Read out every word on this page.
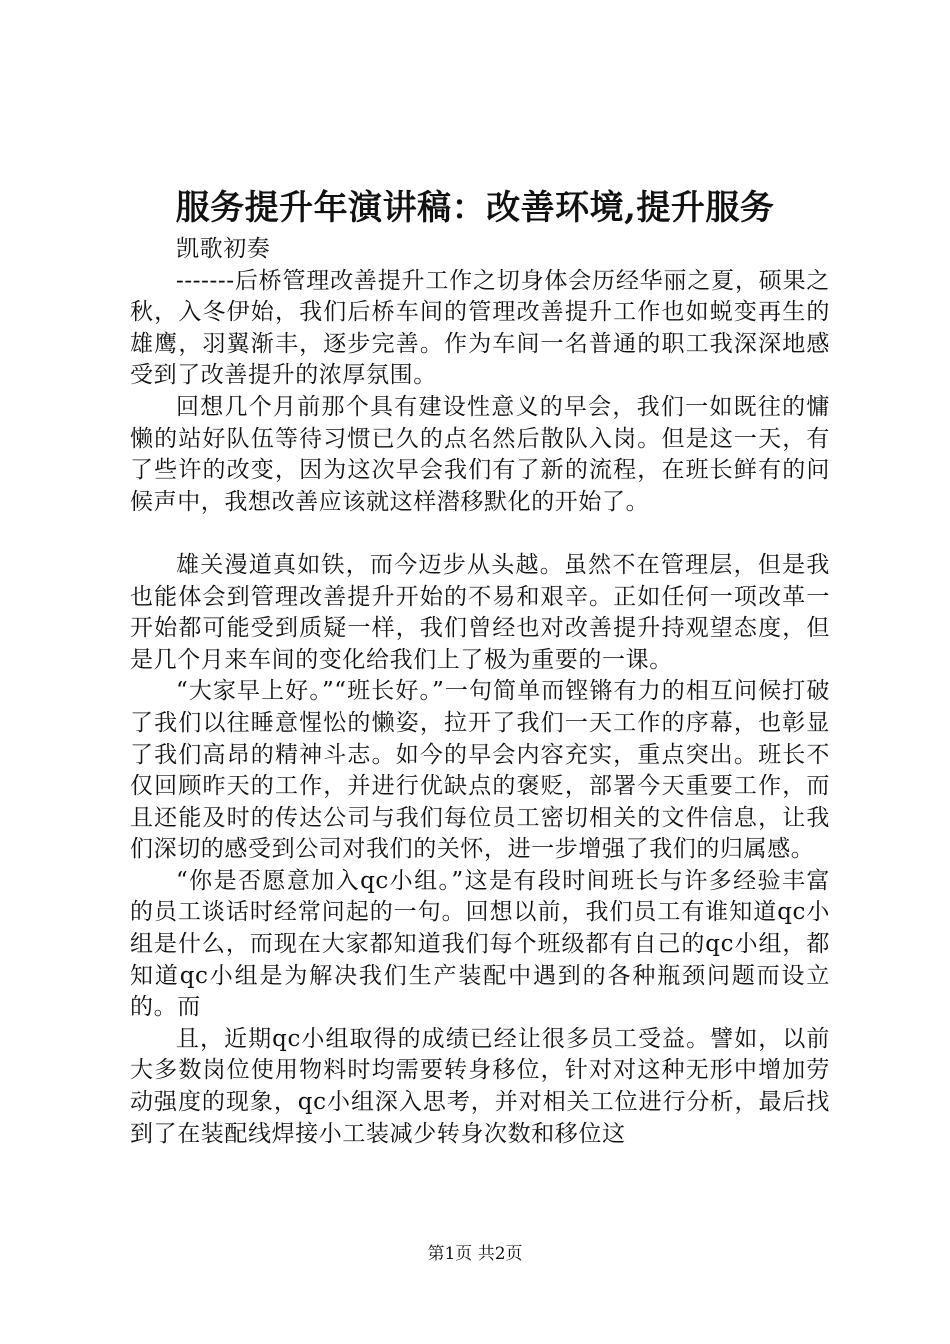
服务提升年演讲稿：改善环境,提升服务

凯歌初奏

-------后桥管理改善提升工作之切身体会历经华丽之夏，硕果之秋，入冬伊始，我们后桥车间的管理改善提升工作也如蜕变再生的雄鹰，羽翼渐丰，逐步完善。作为车间一名普通的职工我深深地感受到了改善提升的浓厚氛围。

回想几个月前那个具有建设性意义的早会，我们一如既往的慵懒的站好队伍等待习惯已久的点名然后散队入岗。但是这一天，有了些许的改变，因为这次早会我们有了新的流程，在班长鲜有的问候声中，我想改善应该就这样潜移默化的开始了。

雄关漫道真如铁，而今迈步从头越。虽然不在管理层，但是我也能体会到管理改善提升开始的不易和艰辛。正如任何一项改革一开始都可能受到质疑一样，我们曾经也对改善提升持观望态度，但是几个月来车间的变化给我们上了极为重要的一课。

“大家早上好。”“班长好。”一句简单而铿锵有力的相互问候打破了我们以往睡意惺忪的懒姿，拉开了我们一天工作的序幕，也彰显了我们高昂的精神斗志。如今的早会内容充实，重点突出。班长不仅回顾昨天的工作，并进行优缺点的褒贬，部署今天重要工作，而且还能及时的传达公司与我们每位员工密切相关的文件信息，让我们深切的感受到公司对我们的关怀，进一步增强了我们的归属感。

“你是否愿意加入qc小组。”这是有段时间班长与许多经验丰富的员工谈话时经常问起的一句。回想以前，我们员工有谁知道qc小组是什么，而现在大家都知道我们每个班级都有自己的qc小组，都知道qc小组是为解决我们生产装配中遇到的各种瓶颈问题而设立的。而

且，近期qc小组取得的成绩已经让很多员工受益。譬如，以前大多数岗位使用物料时均需要转身移位，针对对这种无形中增加劳动强度的现象，qc小组深入思考，并对相关工位进行分析，最后找到了在装配线焊接小工装减少转身次数和移位这

第1页 共2页
